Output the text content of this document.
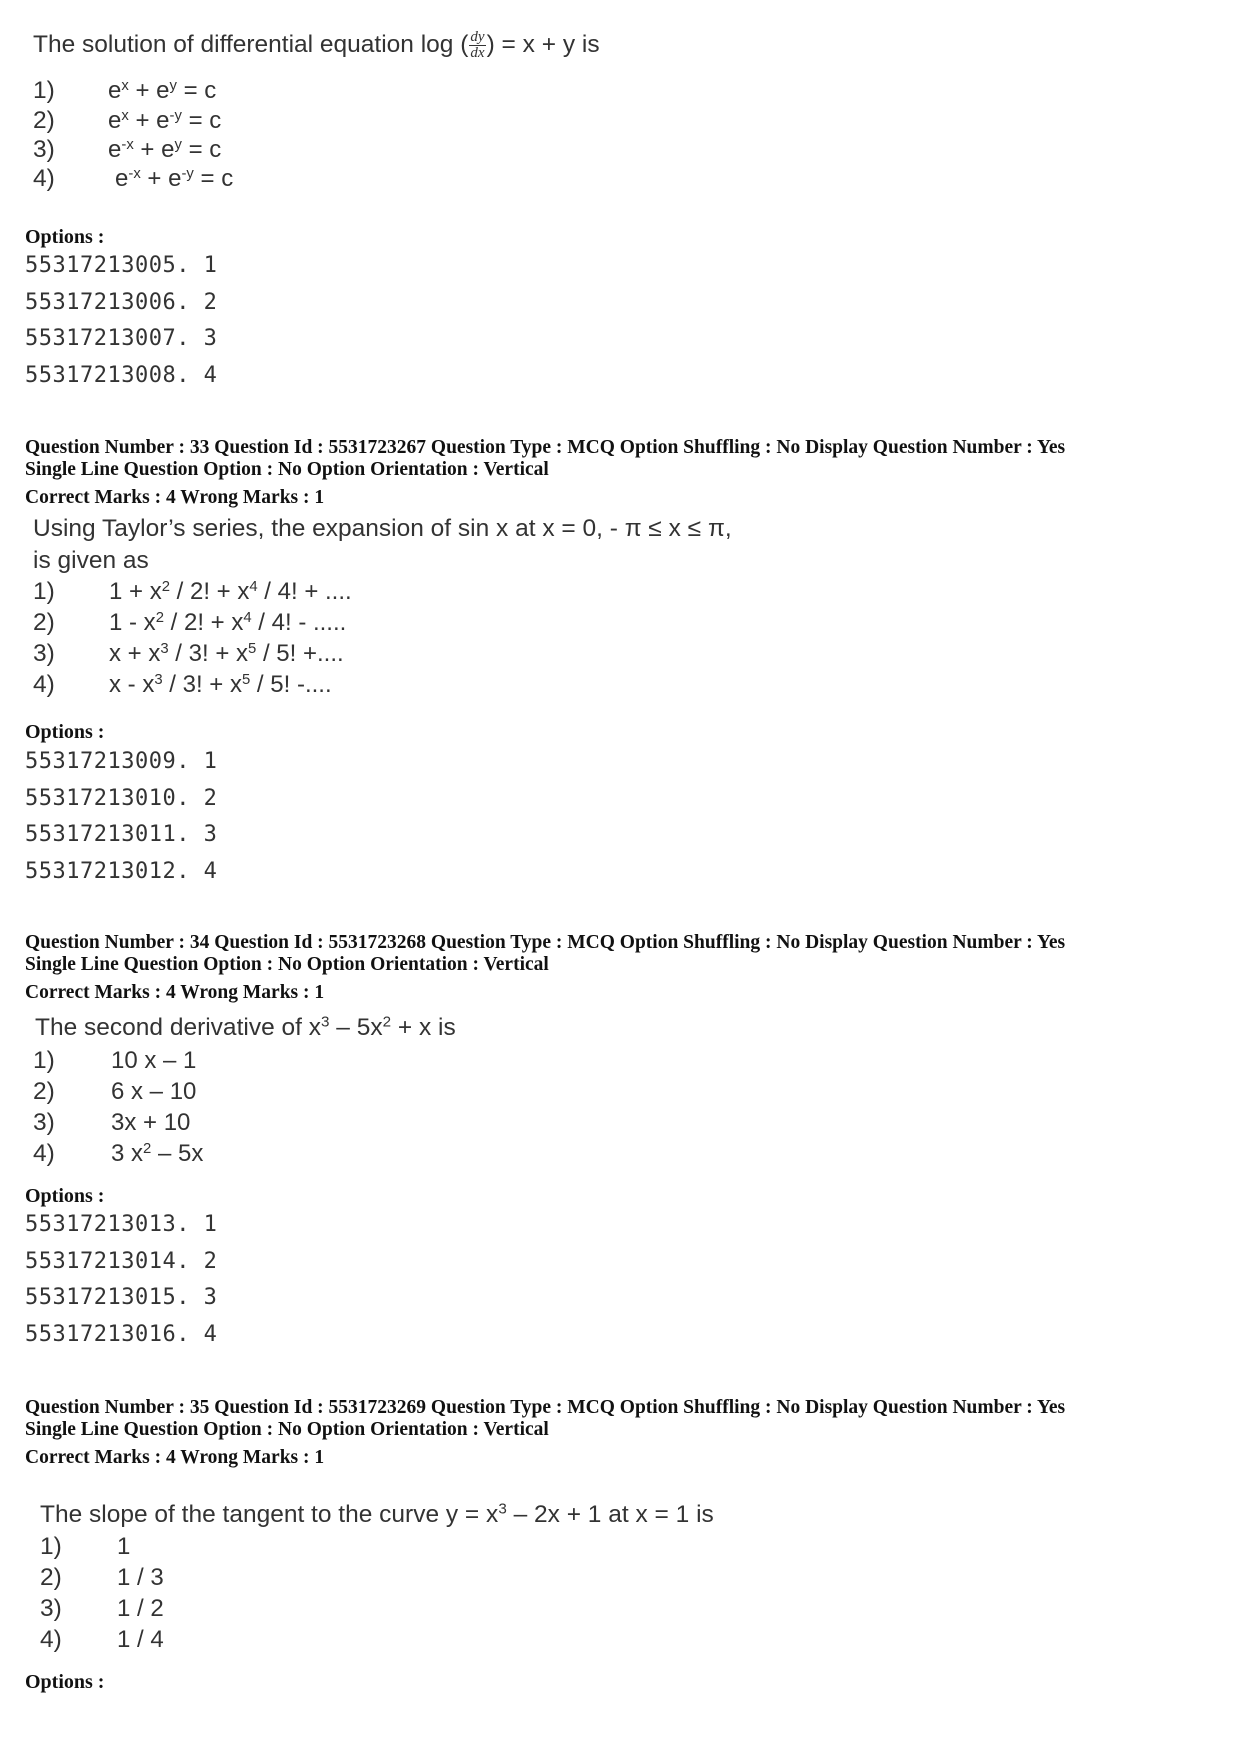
The solution of differential equation log ( $\frac{dy}{dx}$ ) = x + y is
1) $e^x + e^y = c$
2) $e^x + e^{-y} = c$
3) $e^{-x} + e^y = c$
4)	$e^{-x} + e^{-y} = c$
Options :
55317213005. 1
55317213006. 2
55317213007. 3
55317213008. 4
Question Number : 33 Question Id : 5531723267 Question Type : MCQ Option Shuffling : No Display Question Number : Yes
Single Line Question Option : No Option Orientation : Vertical
Correct Marks : 4 Wrong Marks : 1
Using Taylor’s series, the expansion of sin x at x = 0, - π ≤ x ≤ π,
is given as
1) $1 + x^2 / 2$! + $x^4 / 4$! + ....
2) $1 - x^2 / 2$! + $x^4 / 4$! - .....
3) $x + x^3 / 3$! + $x^5 / 5$! +....
4) x - $x^3 / 3$! + $x^5 / 5$! -....
Options :
55317213009. 1
55317213010. 2
55317213011. 3
55317213012. 4
Question Number : 34 Question Id : 5531723268 Question Type : MCQ Option Shuffling : No Display Question Number : Yes
Single Line Question Option : No Option Orientation : Vertical
Correct Marks : 4 Wrong Marks : 1
The second derivative of $x^3 - 5x^2 + x$ is
1) 10 x – 1
2) 6 x – 10
3) 3x + 10
4) 3 $x^2 - 5x$
Options :
55317213013. 1
55317213014. 2
55317213015. 3
55317213016. 4
Question Number : 35 Question Id : 5531723269 Question Type : MCQ Option Shuffling : No Display Question Number : Yes
Single Line Question Option : No Option Orientation : Vertical
Correct Marks : 4 Wrong Marks : 1
The slope of the tangent to the curve $y = x^3 - 2x + 1$ at x = 1 is
1) 1
2) 1 / 3
3) 1 / 2
4) 1 / 4
Options :
